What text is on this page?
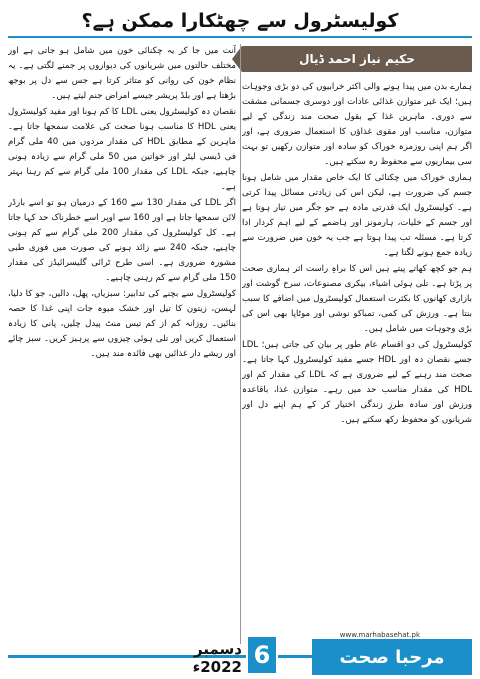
کولیسٹرول سے چھٹکارا ممکن ہے؟
حکیم نیاز احمد ڈیال

ہمارے بدن میں پیدا ہونے والی اکثر خرابیوں کی دو بڑی وجوہات ہیں؛ ایک غیر متوازن غذائی عادات اور دوسری جسمانی مشقت سے دوری۔ ماہرین غذا کے بقول صحت مند زندگی کے لیے متوازن، مناسب اور مقوی غذاؤں کا استعمال ضروری ہے، اور اگر ہم اپنی روزمرہ خوراک کو سادہ اور متوازن رکھیں تو بہت سی بیماریوں سے محفوظ رہ سکتے ہیں۔

ہماری خوراک میں چکنائی کا ایک خاص مقدار میں شامل ہونا جسم کی ضرورت ہے، لیکن اس کی زیادتی مسائل پیدا کرتی ہے۔ کولیسٹرول ایک قدرتی مادہ ہے جو جگر میں تیار ہوتا ہے اور جسم کے خلیات، ہارمونز اور ہاضمے کے لیے اہم کردار ادا کرتا ہے۔ مسئلہ تب پیدا ہوتا ہے جب یہ خون میں ضرورت سے زیادہ جمع ہونے لگتا ہے۔

ہم جو کچھ کھاتے پیتے ہیں اس کا براہِ راست اثر ہماری صحت پر پڑتا ہے۔ تلی ہوئی اشیاء، بیکری مصنوعات، سرخ گوشت اور بازاری کھانوں کا بکثرت استعمال کولیسٹرول میں اضافے کا سبب بنتا ہے۔ ورزش کی کمی، تمباکو نوشی اور موٹاپا بھی اس کی بڑی وجوہات میں شامل ہیں۔

کولیسٹرول کی دو اقسام عام طور پر بیان کی جاتی ہیں؛ LDL جسے نقصان دہ اور HDL جسے مفید کولیسٹرول کہا جاتا ہے۔ صحت مند رہنے کے لیے ضروری ہے کہ LDL کی مقدار کم اور HDL کی مقدار مناسب حد میں رہے۔ متوازن غذا، باقاعدہ ورزش اور سادہ طرزِ زندگی اختیار کر کے ہم اپنے دل اور شریانوں کو محفوظ رکھ سکتے ہیں۔

آنت میں جا کر یہ چکنائی خون میں شامل ہو جاتی ہے اور مختلف حالتوں میں شریانوں کی دیواروں پر جمنے لگتی ہے۔ یہ نظام خون کی روانی کو متاثر کرتا ہے جس سے دل پر بوجھ بڑھتا ہے اور بلڈ پریشر جیسے امراض جنم لیتے ہیں۔

نقصان دہ کولیسٹرول یعنی LDL کا کم ہونا اور مفید کولیسٹرول یعنی HDL کا مناسب ہونا صحت کی علامت سمجھا جاتا ہے۔ ماہرین کے مطابق HDL کی مقدار مردوں میں 40 ملی گرام فی ڈیسی لیٹر اور خواتین میں 50 ملی گرام سے زیادہ ہونی چاہیے، جبکہ LDL کی مقدار 100 ملی گرام سے کم رہنا بہتر ہے۔

اگر LDL کی مقدار 130 سے 160 کے درمیان ہو تو اسے بارڈر لائن سمجھا جاتا ہے اور 160 سے اوپر اسے خطرناک حد کہا جاتا ہے۔ کل کولیسٹرول کی مقدار 200 ملی گرام سے کم ہونی چاہیے، جبکہ 240 سے زائد ہونے کی صورت میں فوری طبی مشورہ ضروری ہے۔ اسی طرح ٹرائی گلیسرائیڈز کی مقدار 150 ملی گرام سے کم رہنی چاہیے۔

کولیسٹرول سے بچنے کی تدابیر: سبزیاں، پھل، دالیں، جو کا دلیا، لہسن، زیتون کا تیل اور خشک میوہ جات اپنی غذا کا حصہ بنائیں۔ روزانہ کم از کم تیس منٹ پیدل چلیں، پانی کا زیادہ استعمال کریں اور تلی ہوئی چیزوں سے پرہیز کریں۔ سبز چائے اور ریشے دار غذائیں بھی فائدہ مند ہیں۔

www.marhabasehat.pk
مرحبا صحت
6
دسمبر 2022ء
